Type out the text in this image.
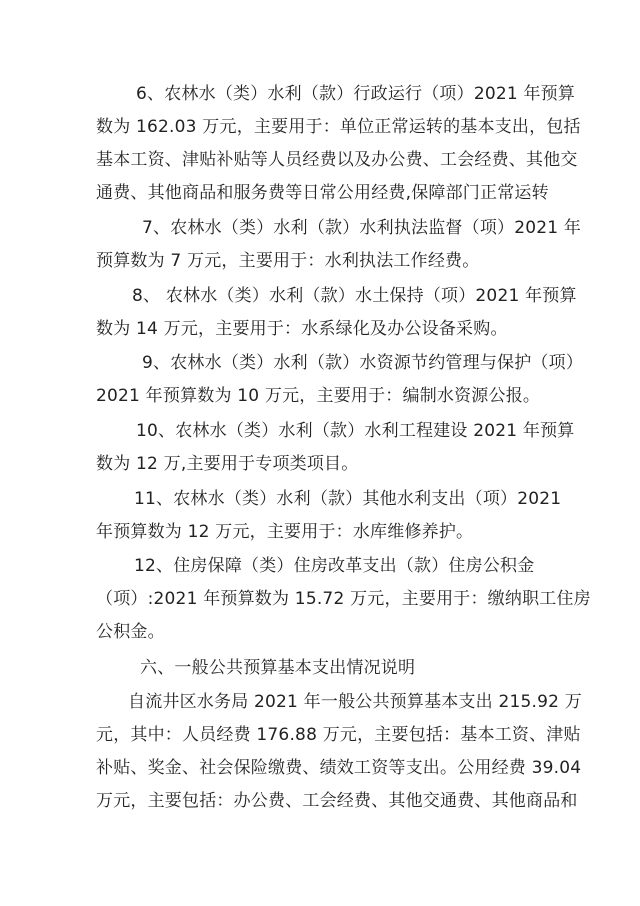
6、农林水（类）水利（款）行政运行（项）2021 年预算
数为 162.03 万元，主要用于：单位正常运转的基本支出，包括
基本工资、津贴补贴等人员经费以及办公费、工会经费、其他交
通费、其他商品和服务费等日常公用经费,保障部门正常运转

7、农林水（类）水利（款）水利执法监督（项）2021 年
预算数为 7 万元，主要用于：水利执法工作经费。

8、 农林水（类）水利（款）水土保持（项）2021 年预算
数为 14 万元，主要用于：水系绿化及办公设备采购。

9、农林水（类）水利（款）水资源节约管理与保护（项）
2021 年预算数为 10 万元，主要用于：编制水资源公报。

10、农林水（类）水利（款）水利工程建设 2021 年预算
数为 12 万,主要用于专项类项目。

11、农林水（类）水利（款）其他水利支出（项）2021
年预算数为 12 万元，主要用于：水库维修养护。

12、住房保障（类）住房改革支出（款）住房公积金
（项）:2021 年预算数为 15.72 万元，主要用于：缴纳职工住房
公积金。

六、一般公共预算基本支出情况说明

自流井区水务局 2021 年一般公共预算基本支出 215.92 万
元，其中：人员经费 176.88 万元，主要包括：基本工资、津贴
补贴、奖金、社会保险缴费、绩效工资等支出。公用经费 39.04
万元，主要包括：办公费、工会经费、其他交通费、其他商品和
